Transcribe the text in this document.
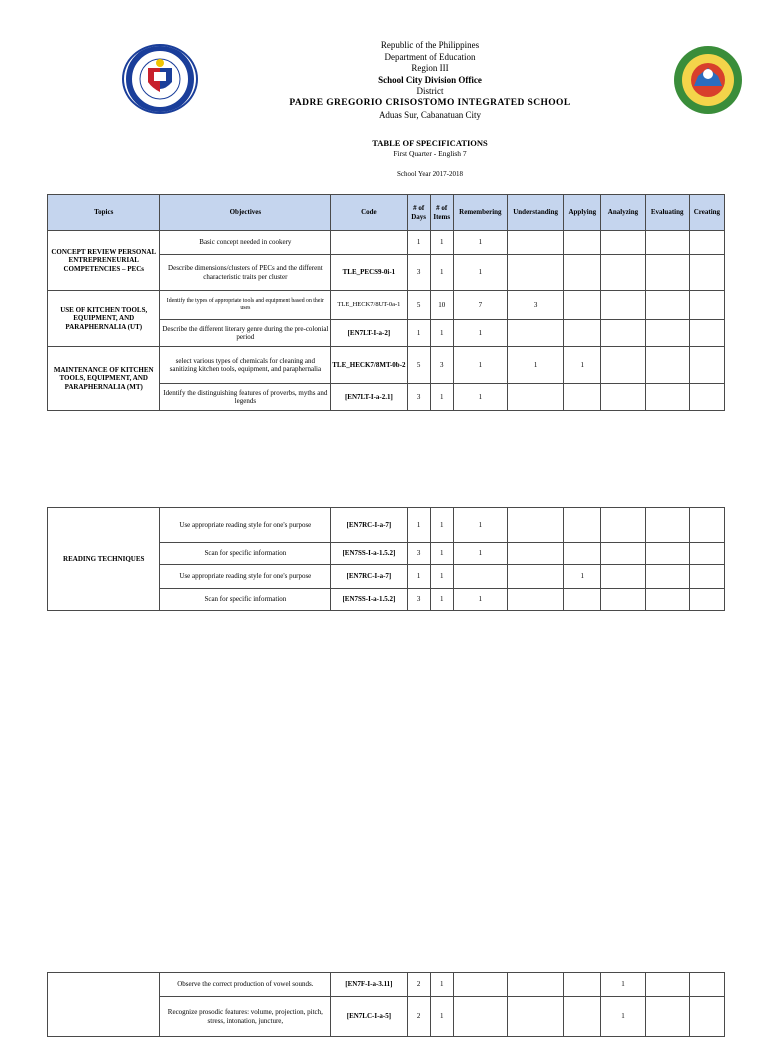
Republic of the Philippines
Department of Education
Region III
School City Division Office
District
PADRE GREGORIO CRISOSTOMO INTEGRATED SCHOOL
Aduas Sur, Cabanatuan City
TABLE OF SPECIFICATIONS
First Quarter - English 7
School Year 2017-2018
Topics	Objectives	Code	# of Days	# of Items	Remembering	Understanding	Applying	Analyzing	Evaluating	Creating
CONCEPT REVIEW PERSONAL ENTREPRENEURIAL COMPETENCIES – PECs	Basic concept needed in cookery		1	1	1					
	Describe dimensions/clusters of PECs and the different characteristic traits per cluster	TLE_PECS9-0i-1	3	1	1					
USE OF KITCHEN TOOLS, EQUIPMENT, AND PARAPHERNALIA (UT)	Identify the types of appropriate tools and equipment based on their uses	TLE_HECK7/8UT-0a-1	5	10	7	3				
	Describe the different literary genre during the pre-colonial period	[EN7LT-I-a-2]	1	1	1					
MAINTENANCE OF KITCHEN TOOLS, EQUIPMENT, AND PARAPHERNALIA (MT)	select various types of chemicals for cleaning and sanitizing kitchen tools, equipment, and paraphernalia	TLE_HECK7/8MT-0b-2	5	3	1	1	1			
	Identify the distinguishing features of proverbs, myths and legends	[EN7LT-I-a-2.1]	3	1	1					
READING TECHNIQUES	Use appropriate reading style for one's purpose	[EN7RC-I-a-7]	1	1	1					
	Scan for specific information	[EN7SS-I-a-1.5.2]	3	1	1					
	Use appropriate reading style for one's purpose	[EN7RC-I-a-7]	1	1			1			
	Scan for specific information	[EN7SS-I-a-1.5.2]	3	1	1					
	Observe the correct production of vowel sounds.	[EN7F-I-a-3.11]	2	1				1		
	Recognize prosodic features: volume, projection, pitch, stress, intonation, juncture,	[EN7LC-I-a-5]	2	1				1		
